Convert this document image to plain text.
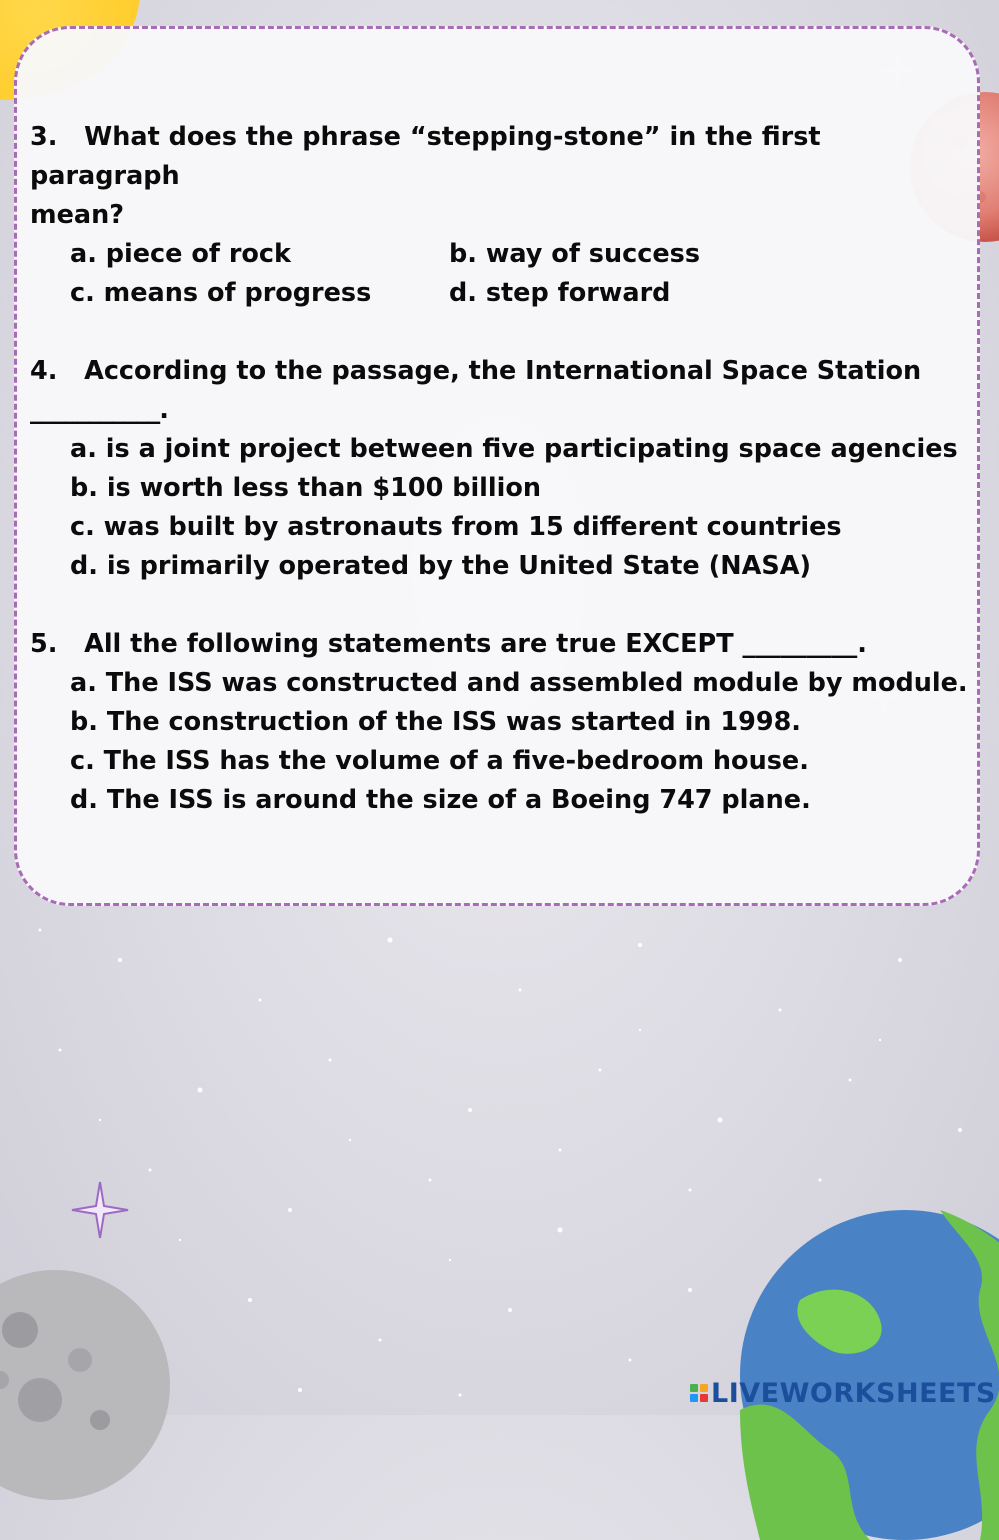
3. What does the phrase “stepping-stone” in the first paragraph
mean?
a. piece of rock	b. way of success
c. means of progress	d. step forward
4. According to the passage, the International Space Station
___________.
a. is a joint project between five participating space agencies
b. is worth less than $100 billion
c. was built by astronauts from 15 different countries
d. is primarily operated by the United State (NASA)
5. All the following statements are true EXCEPT _________.
a. The ISS was constructed and assembled module by module.
b. The construction of the ISS was started in 1998.
c. The ISS has the volume of a five-bedroom house.
d. The ISS is around the size of a Boeing 747 plane.
LIVEWORKSHEETS
